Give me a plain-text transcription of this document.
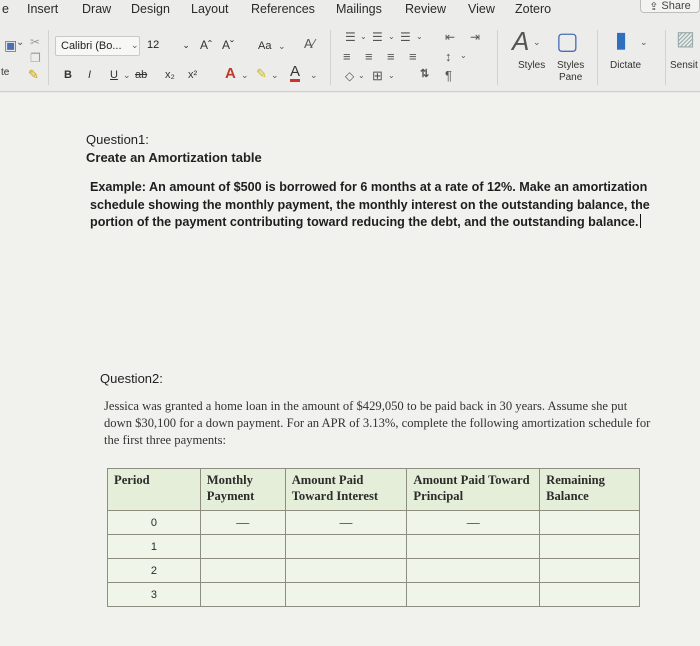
e Insert Draw Design Layout References Mailings Review View Zotero	⇪ Share
▣
⌄ ✂
❐
te ✎
Calibri (Bo...	⌄ 12	⌄ Aˆ Aˇ Aa ⌄ A⁄
B I U ⌄ ab x₂ x² A ⌄ ✎ ⌄ A ⌄
☰ ⌄ ☰ ⌄ ☰ ⌄ ⇤ ⇥
≡ ≡ ≡ ≡ ↕ ⌄
◇ ⌄ ⊞ ⌄ ⇅ ¶
A ⌄ ▢
Styles Styles
Pane
▮ ⌄
Dictate
▨
Sensit
Question1:
Create an Amortization table
Example: An amount of $500 is borrowed for 6 months at a rate of 12%. Make an amortization schedule showing the monthly payment, the monthly interest on the outstanding balance, the portion of the payment contributing toward reducing the debt, and the outstanding balance.
Question2:
Jessica was granted a home loan in the amount of $429,050 to be paid back in 30 years. Assume she put down $30,100 for a down payment. For an APR of 3.13%, complete the following amortization schedule for the first three payments:
Period	Monthly Payment	Amount Paid Toward Interest	Amount Paid Toward Principal	Remaining Balance
0	—	—	—	
1				
2				
3				
